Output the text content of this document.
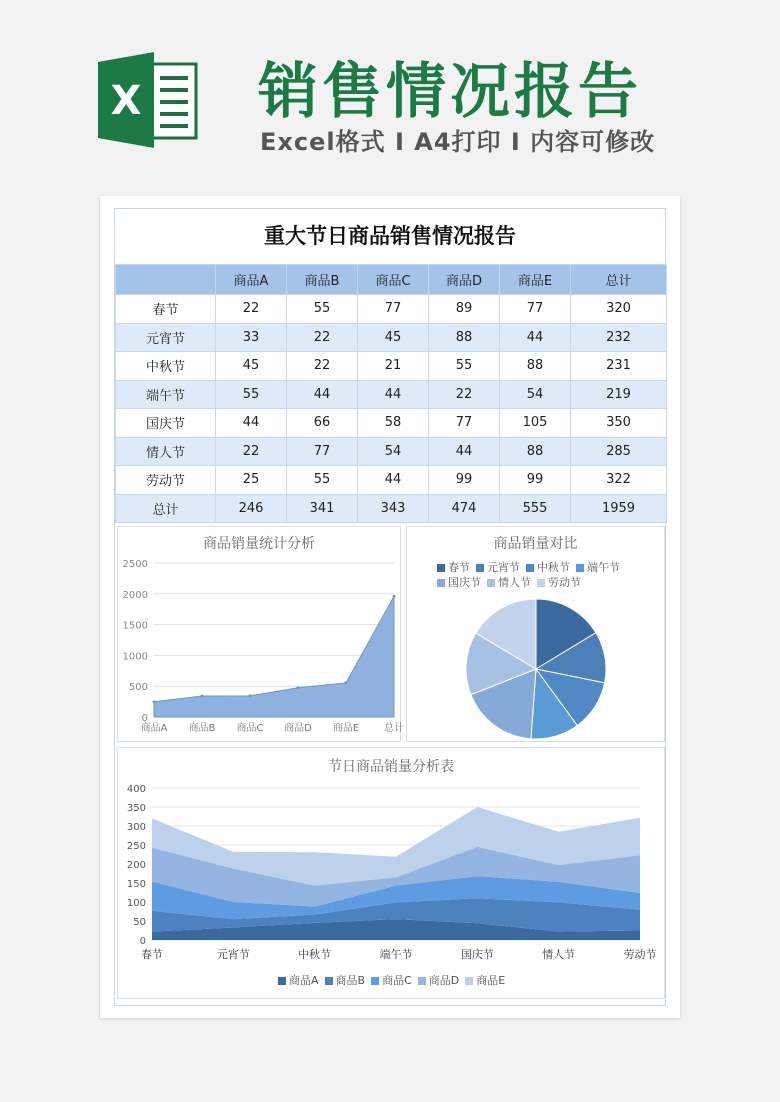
X 销售情况报告
Excel格式 Ⅰ A4打印 Ⅰ 内容可修改
重大节日商品销售情况报告
	商品A	商品B	商品C	商品D	商品E	总计
春节	22	55	77	89	77	320
元宵节	33	22	45	88	44	232
中秋节	45	22	21	55	88	231
端午节	55	44	44	22	54	219
国庆节	44	66	58	77	105	350
情人节	22	77	54	44	88	285
劳动节	25	55	44	99	99	322
总计	246	341	343	474	555	1959
商品销量统计分析
0
500
1000
1500
2000
2500
商品A 商品B 商品C 商品D 商品E 总计
商品销量对比
春节 元宵节 中秋节 端午节国庆节 情人节 劳动节
节日商品销量分析表
0
50
100
150
200
250
300
350
400
春节	元宵节	中秋节	端午节	国庆节	情人节	劳动节
商品A 商品B 商品C 商品D 商品E
